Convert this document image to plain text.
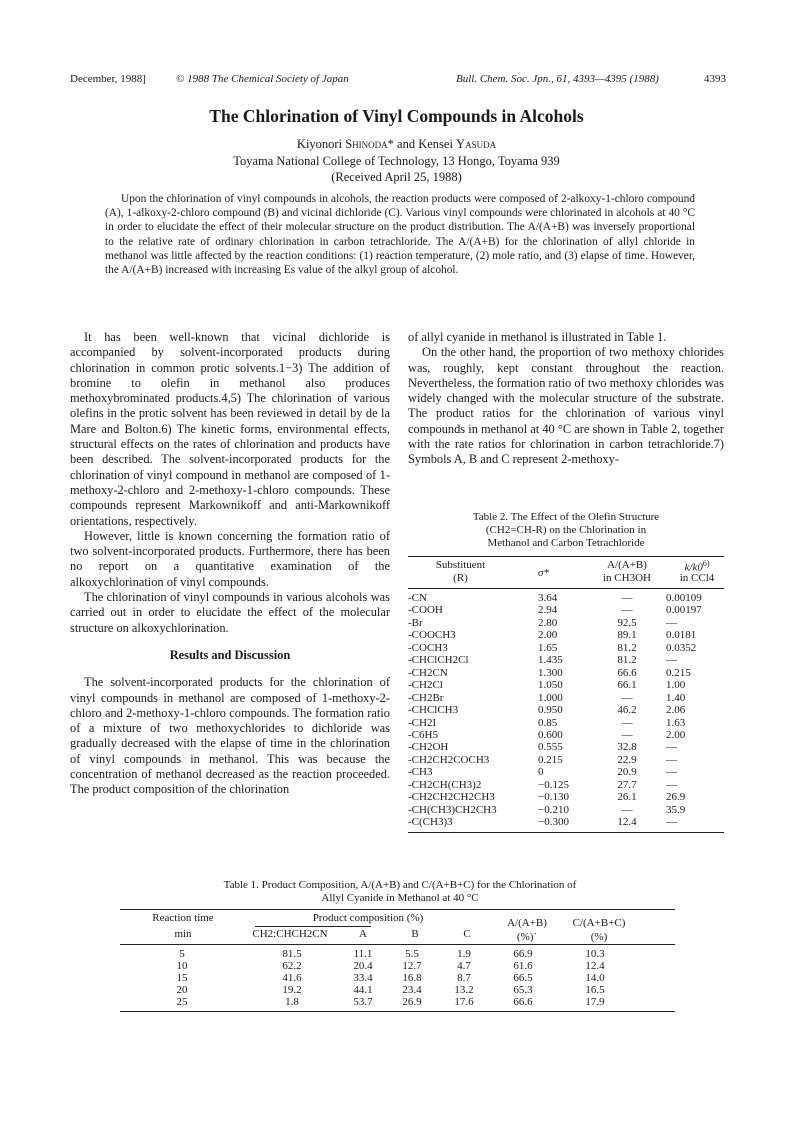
December, 1988]	© 1988 The Chemical Society of Japan	Bull. Chem. Soc. Jpn., 61, 4393—4395 (1988)	4393
The Chlorination of Vinyl Compounds in Alcohols
Kiyonori Shinoda* and Kensei Yasuda
Toyama National College of Technology, 13 Hongo, Toyama 939
(Received April 25, 1988)
Upon the chlorination of vinyl compounds in alcohols, the reaction products were composed of 2-alkoxy-1-chloro compound (A), 1-alkoxy-2-chloro compound (B) and vicinal dichloride (C). Various vinyl compounds were chlorinated in alcohols at 40 °C in order to elucidate the effect of their molecular structure on the product distribution. The A/(A+B) was inversely proportional to the relative rate of ordinary chlorination in carbon tetrachloride. The A/(A+B) for the chlorination of allyl chloride in methanol was little affected by the reaction conditions: (1) reaction temperature, (2) mole ratio, and (3) elapse of time. However, the A/(A+B) increased with increasing Es value of the alkyl group of alcohol.

It has been well-known that vicinal dichloride is accompanied by solvent-incorporated products during chlorination in common protic solvents.1−3) The addition of bromine to olefin in methanol also produces methoxybrominated products.4,5) The chlorination of various olefins in the protic solvent has been reviewed in detail by de la Mare and Bolton.6) The kinetic forms, environmental effects, structural effects on the rates of chlorination and products have been described. The solvent-incorporated products for the chlorination of vinyl compound in methanol are composed of 1-methoxy-2-chloro and 2-methoxy-1-chloro compounds. These compounds represent Markownikoff and anti-Markownikoff orientations, respectively.

However, little is known concerning the formation ratio of two solvent-incorporated products. Furthermore, there has been no report on a quantitative examination of the alkoxychlorination of vinyl compounds.

The chlorination of vinyl compounds in various alcohols was carried out in order to elucidate the effect of the molecular structure on alkoxychlorination.

Results and Discussion

The solvent-incorporated products for the chlorination of vinyl compounds in methanol are composed of 1-methoxy-2-chloro and 2-methoxy-1-chloro compounds. The formation ratio of a mixture of two methoxychlorides to dichloride was gradually decreased with the elapse of time in the chlorination of vinyl compounds in methanol. This was because the concentration of methanol decreased as the reaction proceeded. The product composition of the chlorination

of allyl cyanide in methanol is illustrated in Table 1.

On the other hand, the proportion of two methoxy chlorides was, roughly, kept constant throughout the reaction. Nevertheless, the formation ratio of two methoxy chlorides was widely changed with the molecular structure of the substrate. The product ratios for the chlorination of various vinyl compounds in methanol at 40 °C are shown in Table 2, together with the rate ratios for chlorination in carbon tetrachloride.7) Symbols A, B and C represent 2-methoxy-

Table 2. The Effect of the Olefin Structure
(CH2=CH-R) on the Chlorination in
Methanol and Carbon Tetrachloride
Substituent
(R)	σ*
A/(A+B)
in CH3OH
k/k0$^{6)}$
in CCl4
-CN	3.64	—	0.00109
-COOH	2.94	—	0.00197
-Br	2.80	92.5	—
-COOCH3	2.00	89.1	0.0181
-COCH3	1.65	81.2	0.0352
-CHClCH2Cl	1.435	81.2	—
-CH2CN	1.300	66.6	0.215
-CH2Cl	1.050	66.1	1.00
-CH2Br	1.000	—	1.40
-CHClCH3	0.950	46.2	2.06
-CH2I	0.85	—	1.63
-C6H5	0.600	—	2.00
-CH2OH	0.555	32.8	—
-CH2CH2COCH3	0.215	22.9	—
-CH3	0	20.9	—
-CH2CH(CH3)2	−0.125	27.7	—
-CH2CH2CH2CH3	−0.130	26.1	26.9
-CH(CH3)CH2CH3	−0.210	—	35.9
-C(CH3)3	−0.300	12.4	—
Table 1. Product Composition, A/(A+B) and C/(A+B+C) for the Chlorination of
Allyl Cyanide in Methanol at 40 °C
Reaction time
min
Product composition (%)
CH2:CHCH2CN	A	B	C
A/(A+B)
(%)˙
C/(A+B+C)
(%)
5	81.5	11.1	5.5	1.9	66.9	10.3	
10	62.2	20.4	12.7	4.7	61.6	12.4	
15	41.6	33.4	16.8	8.7	66.5	14.0	
20	19.2	44.1	23.4	13.2	65.3	16.5	
25	1.8	53.7	26.9	17.6	66.6	17.9	
